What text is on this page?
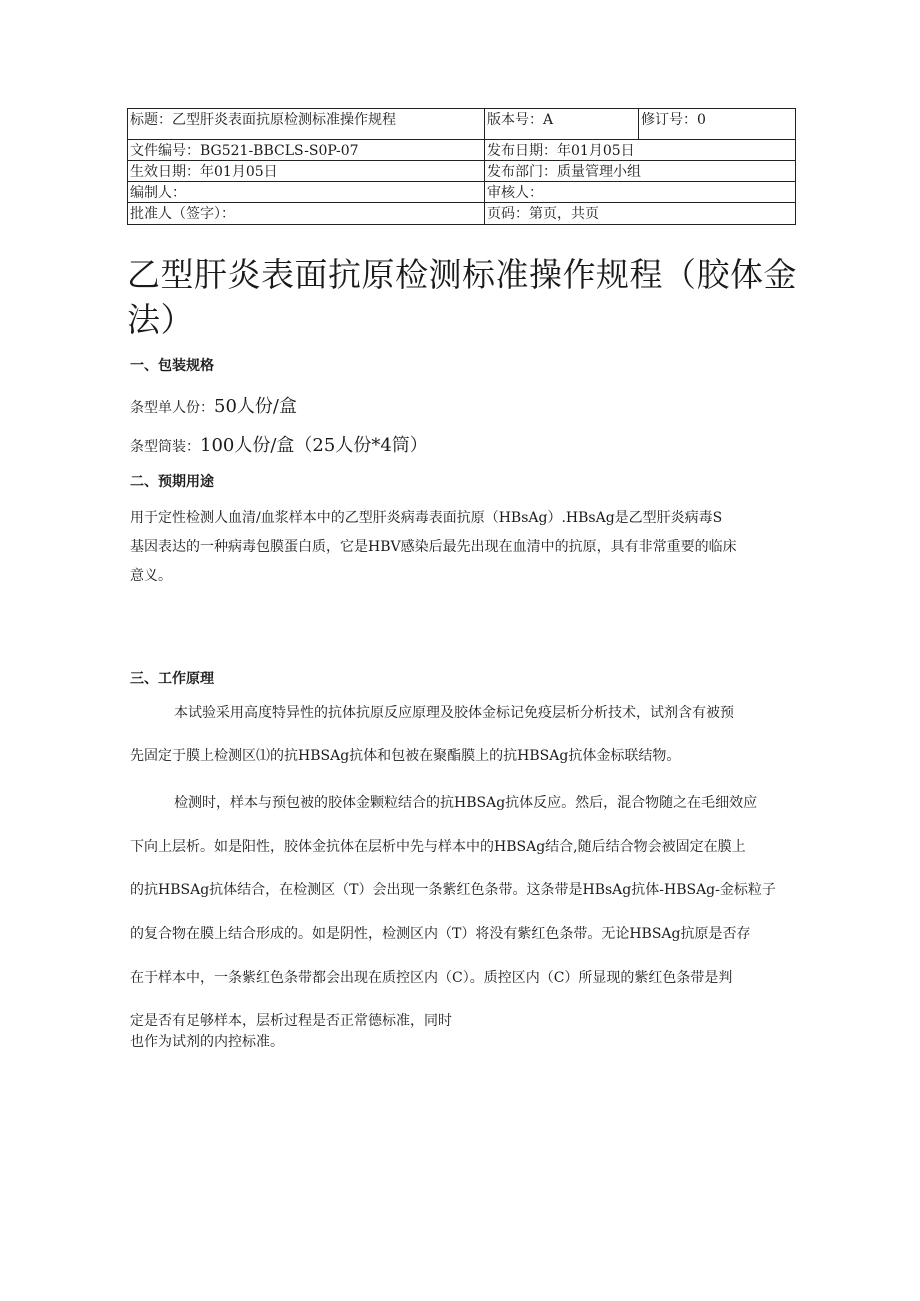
标题：乙型肝炎表面抗原检测标准操作规程	版本号：A	修订号：0
文件编号：BG521-BBCLS-S0P-07	发布日期：年01月05日	
生效日期：年01月05日	发布部门：质量管理小组	
编制人：	审核人：	
批准人（签字）：	页码：第页，共页	
乙型肝炎表面抗原检测标准操作规程（胶体金
法）
一、包装规格

条型单人份：50人份/盒

条型筒装：100人份/盒（25人份*4筒）

二、预期用途
用于定性检测人血清/血浆样本中的乙型肝炎病毒表面抗原（HBsAg）.HBsAg是乙型肝炎病毒S
基因表达的一种病毒包膜蛋白质，它是HBV感染后最先出现在血清中的抗原，具有非常重要的临床
意义。
三、工作原理
本试验采用高度特异性的抗体抗原反应原理及胶体金标记免疫层析分析技术，试剂含有被预
先固定于膜上检测区⑴的抗HBSAg抗体和包被在聚酯膜上的抗HBSAg抗体金标联结物。
检测时，样本与预包被的胶体金颗粒结合的抗HBSAg抗体反应。然后，混合物随之在毛细效应
下向上层析。如是阳性，胶体金抗体在层析中先与样本中的HBSAg结合,随后结合物会被固定在膜上
的抗HBSAg抗体结合，在检测区（T）会出现一条紫红色条带。这条带是HBsAg抗体-HBSAg-金标粒子
的复合物在膜上结合形成的。如是阴性，检测区内（T）将没有紫红色条带。无论HBSAg抗原是否存
在于样本中，一条紫红色条带都会出现在质控区内（C）。质控区内（C）所显现的紫红色条带是判
定是否有足够样本，层析过程是否正常德标准，同时

也作为试剂的内控标准。
